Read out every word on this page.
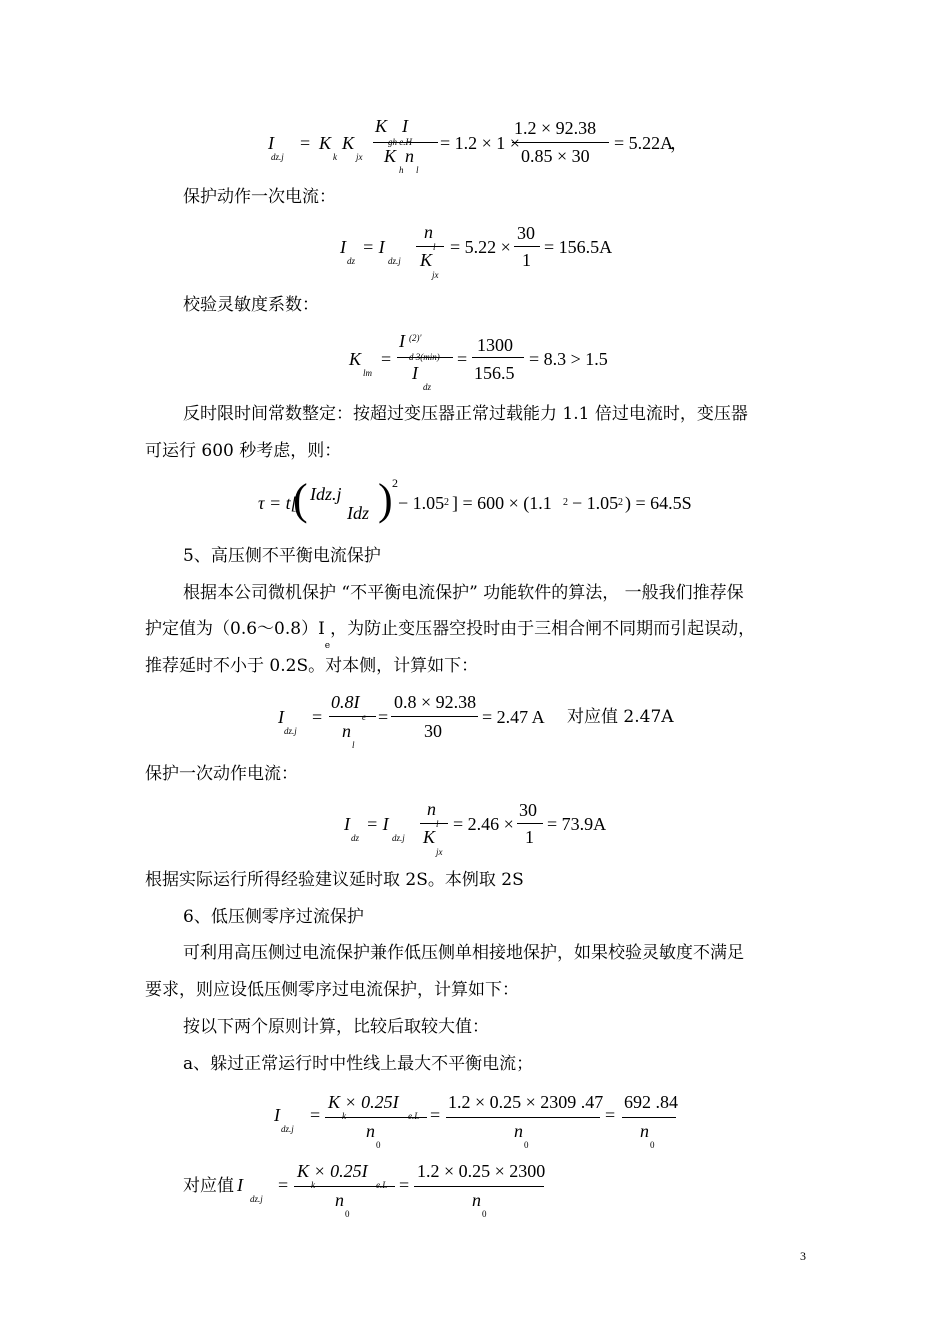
I
dz.j
= K
k
K
jx
K I
gh e.H
K n
h l
= 1.2 × 1 ×
1.2 × 92.38
0.85 × 30
= 5.22A
，
保护动作一次电流：
I
dz
= I
dz.j
n
l
K
jx
= 5.22 ×
30
1
= 156.5A
校验灵敏度系数：
K
lm
=
I (2)'
d 3(min)
I
dz
=
1300
156.5
= 8.3 > 1.5
反时限时间常数整定：按超过变压器正常过载能力 1.1 倍过电流时，变压器
可运行 600 秒考虑，则：
τ = t[
( Idz.j
Idz ) 2
− 1.05 2 ] = 600 × (1.1 2 − 1.05 2 ) = 64.5S
5、高压侧不平衡电流保护
根据本公司微机保护 “不平衡电流保护” 功能软件的算法， 一般我们推荐保
护定值为$(0.6\sim 0.8)I_e$，为防止变压器空投时由于三相合闸不同期而引起误动，
推荐延时不小于 0.2S。对本侧，计算如下：
I
dz.j
=
0.8I
e
n
l
=
0.8 × 92.38
30
= 2.47 A 对应值 2.47A
保护一次动作电流：
I
dz
= I
dz.j
n
l
K
jx
= 2.46 ×
30
1
= 73.9A
根据实际运行所得经验建议延时取 2S。本例取 2S
6、低压侧零序过流保护
可利用高压侧过电流保护兼作低压侧单相接地保护，如果校验灵敏度不满足
要求，则应设低压侧零序过电流保护，计算如下：
按以下两个原则计算，比较后取较大值：
a、躲过正常运行时中性线上最大不平衡电流；
I
dz.j
=
K × 0.25I
k	e.L
n
0
=
1.2 × 0.25 × 2309 .47
n
0
=
692 .84
n
0
对应值 I
dz.j
=
K × 0.25I
k	e.L
n
0
=
1.2 × 0.25 × 2300
n
0
3
